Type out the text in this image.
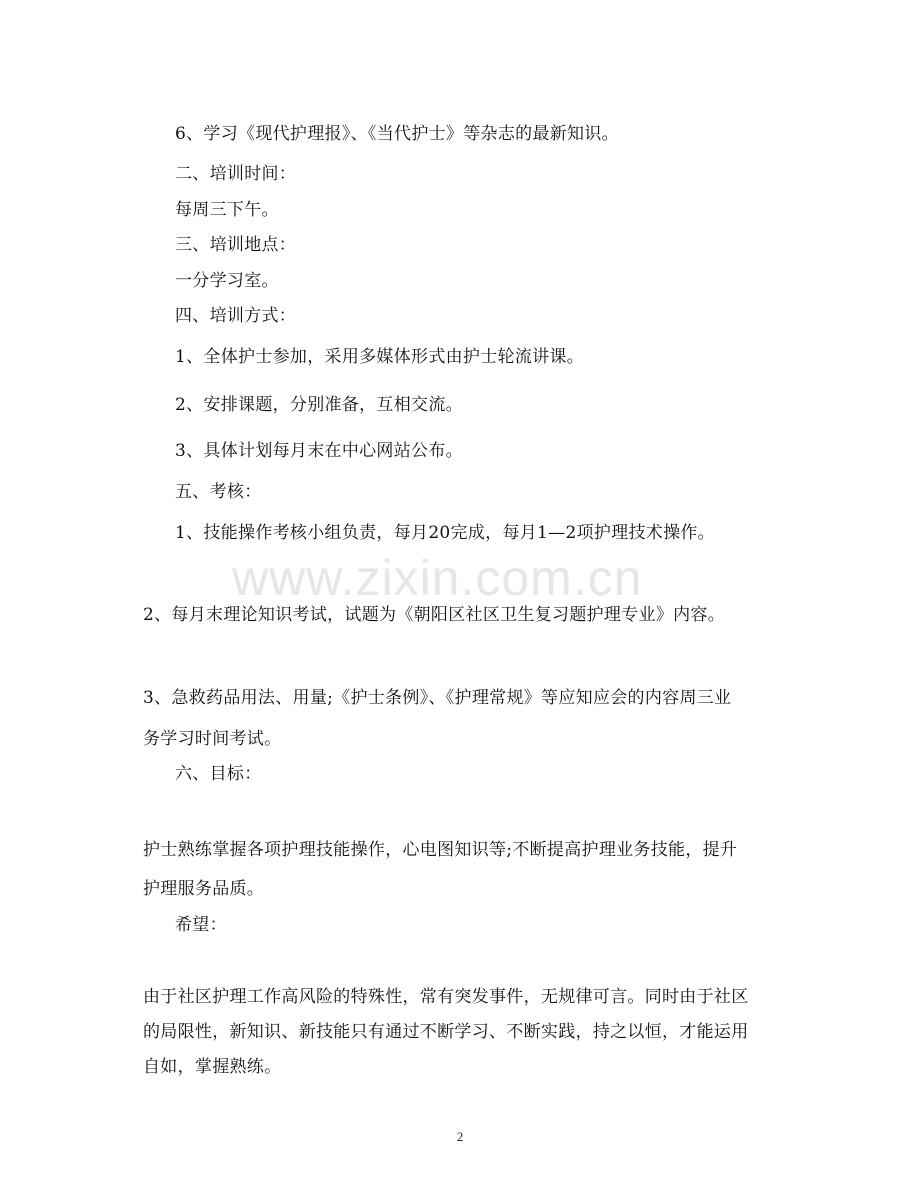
6、学习《现代护理报》、《当代护士》等杂志的最新知识。
二、培训时间：
每周三下午。
三、培训地点：
一分学习室。
四、培训方式：
1、全体护士参加，采用多媒体形式由护士轮流讲课。
2、安排课题，分别准备，互相交流。
3、具体计划每月末在中心网站公布。
五、考核：
1、技能操作考核小组负责，每月20完成，每月1—2项护理技术操作。
www.zixin.com.cn
2、每月末理论知识考试，试题为《朝阳区社区卫生复习题护理专业》内容。
3、急救药品用法、用量;《护士条例》、《护理常规》等应知应会的内容周三业
务学习时间考试。
六、目标：
护士熟练掌握各项护理技能操作，心电图知识等;不断提高护理业务技能，提升
护理服务品质。
希望：
由于社区护理工作高风险的特殊性，常有突发事件，无规律可言。同时由于社区
的局限性，新知识、新技能只有通过不断学习、不断实践，持之以恒，才能运用
自如，掌握熟练。
2
